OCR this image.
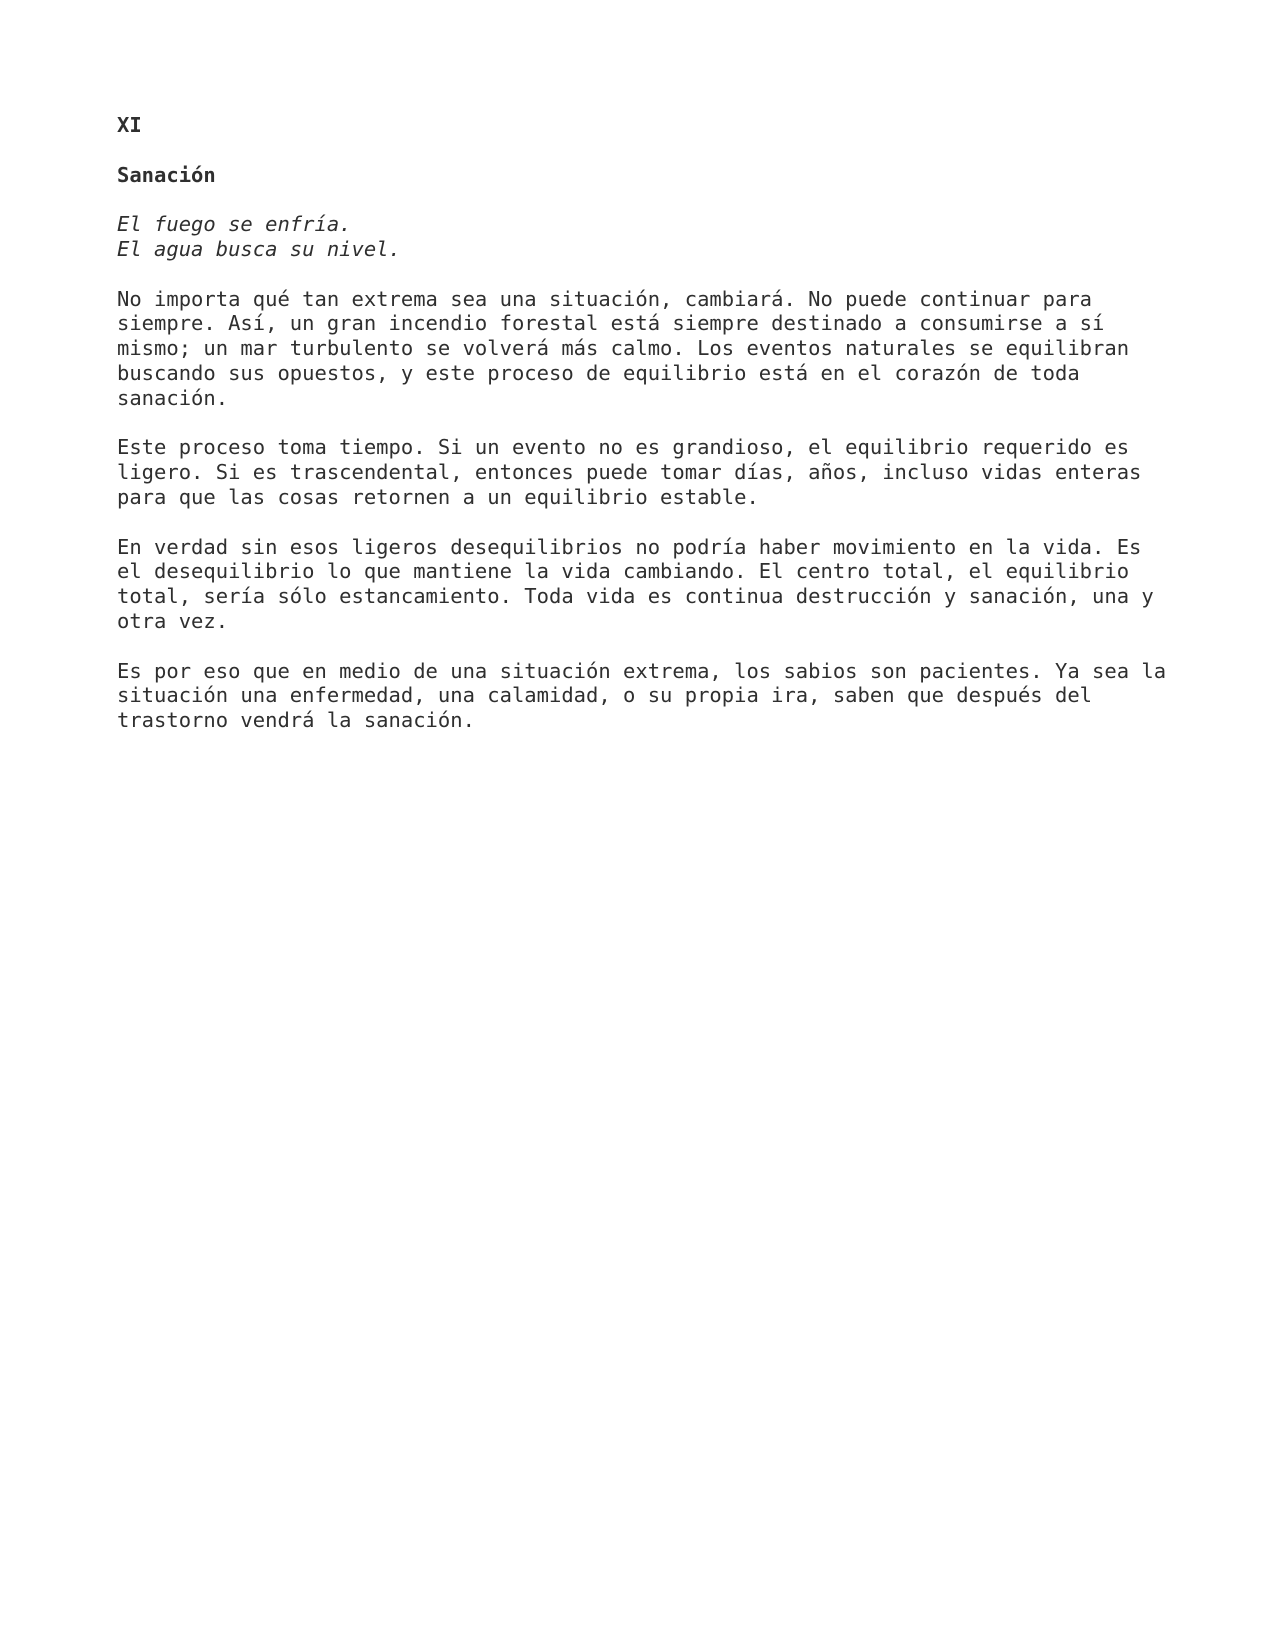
XI
Sanación
El fuego se enfría.
El agua busca su nivel.

No importa qué tan extrema sea una situación, cambiará. No puede continuar para siempre. Así, un gran incendio forestal está siempre destinado a consumirse a sí mismo; un mar turbulento se volverá más calmo. Los eventos naturales se equilibran buscando sus opuestos, y este proceso de equilibrio está en el corazón de toda sanación.

Este proceso toma tiempo. Si un evento no es grandioso, el equilibrio requerido es ligero. Si es trascendental, entonces puede tomar días, años, incluso vidas enteras para que las cosas retornen a un equilibrio estable.

En verdad sin esos ligeros desequilibrios no podría haber movimiento en la vida. Es el desequilibrio lo que mantiene la vida cambiando. El centro total, el equilibrio total, sería sólo estancamiento. Toda vida es continua destrucción y sanación, una y otra vez.

Es por eso que en medio de una situación extrema, los sabios son pacientes. Ya sea la situación una enfermedad, una calamidad, o su propia ira, saben que después del trastorno vendrá la sanación.
